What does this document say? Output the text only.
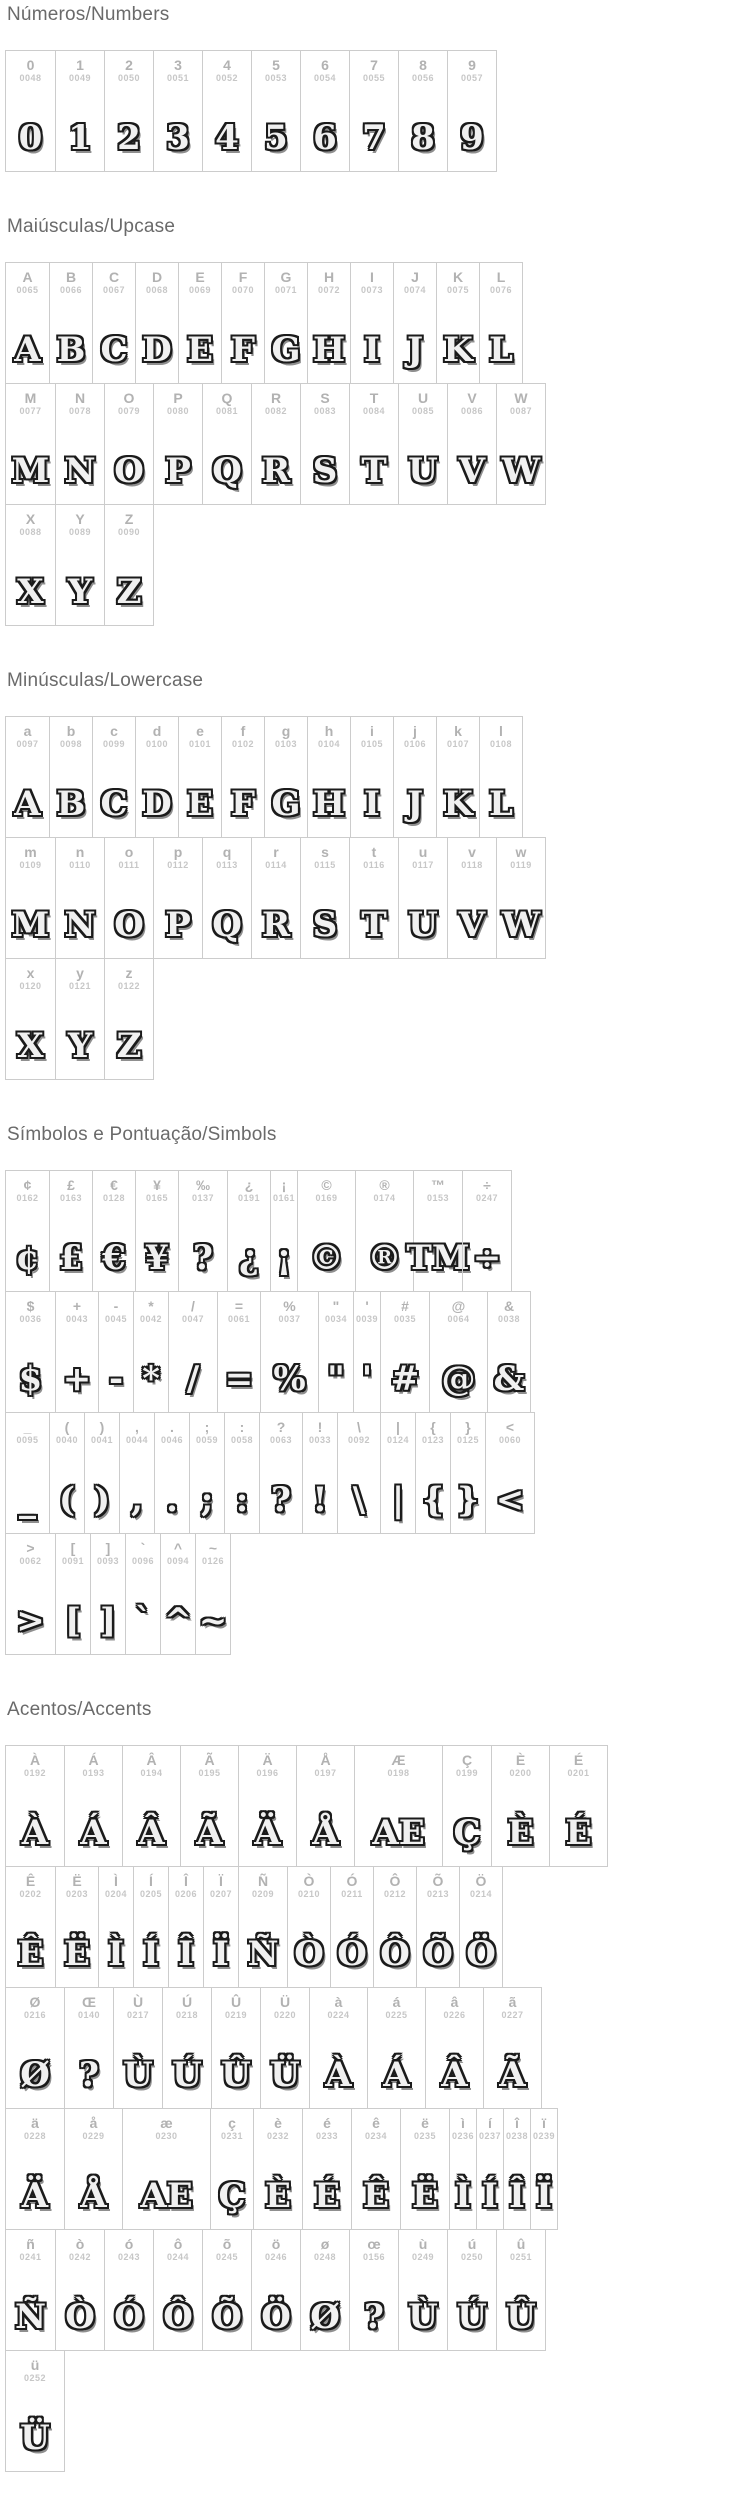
Números/Numbers
0
0048
0
1
0049
1
2
0050
2
3
0051
3
4
0052
4
5
0053
5
6
0054
6
7
0055
7
8
0056
8
9
0057
9
Maiúsculas/Upcase
A
0065
A
B
0066
B
C
0067
C
D
0068
D
E
0069
E
F
0070
F
G
0071
G
H
0072
H
I
0073
I
J
0074
J
K
0075
K
L
0076
L
M
0077
M
N
0078
N
O
0079
O
P
0080
P
Q
0081
Q
R
0082
R
S
0083
S
T
0084
T
U
0085
U
V
0086
V
W
0087
W
X
0088
X
Y
0089
Y
Z
0090
Z
Minúsculas/Lowercase
a
0097
A
b
0098
B
c
0099
C
d
0100
D
e
0101
E
f
0102
F
g
0103
G
h
0104
H
i
0105
I
j
0106
J
k
0107
K
l
0108
L
m
0109
M
n
0110
N
o
0111
O
p
0112
P
q
0113
Q
r
0114
R
s
0115
S
t
0116
T
u
0117
U
v
0118
V
w
0119
W
x
0120
X
y
0121
Y
z
0122
Z
Símbolos e Pontuação/Simbols
¢
0162
¢
£
0163
£
€
0128
€
¥
0165
¥
‰
0137
?
¿
0191
¿
¡
0161
¡
©
0169
©
®
0174
®
™
0153
TM
÷
0247
÷
$
0036
$
+
0043
+
-
0045
-
*
0042
*
/
0047
/
=
0061
=
%
0037
%
"
0034
"
'
0039
'
#
0035
#
@
0064
@
&
0038
&
_
0095
_
(
0040
(
)
0041
)
,
0044
,
.
0046
.
;
0059
;
:
0058
:
?
0063
?
!
0033
!
\
0092
\
|
0124
|
{
0123
{
}
0125
}
<
0060
<
>
0062
>
[
0091
[
]
0093
]
`
0096
`
^
0094
^
~
0126
~
Acentos/Accents
À
0192
À
Á
0193
Á
Â
0194
Â
Ã
0195
Ã
Ä
0196
Ä
Å
0197
Å
Æ
0198
AE
Ç
0199
Ç
È
0200
È
É
0201
É
Ê
0202
Ê
Ë
0203
Ë
Ì
0204
Ì
Í
0205
Í
Î
0206
Î
Ï
0207
Ï
Ñ
0209
Ñ
Ò
0210
Ò
Ó
0211
Ó
Ô
0212
Ô
Õ
0213
Õ
Ö
0214
Ö
Ø
0216
Ø
Œ
0140
?
Ù
0217
Ù
Ú
0218
Ú
Û
0219
Û
Ü
0220
Ü
à
0224
À
á
0225
Á
â
0226
Â
ã
0227
Ã
ä
0228
Ä
å
0229
Å
æ
0230
AE
ç
0231
Ç
è
0232
È
é
0233
É
ê
0234
Ê
ë
0235
Ë
ì
0236
Ì
í
0237
Í
î
0238
Î
ï
0239
Ï
ñ
0241
Ñ
ò
0242
Ò
ó
0243
Ó
ô
0244
Ô
õ
0245
Õ
ö
0246
Ö
ø
0248
Ø
œ
0156
?
ù
0249
Ù
ú
0250
Ú
û
0251
Û
ü
0252
Ü
